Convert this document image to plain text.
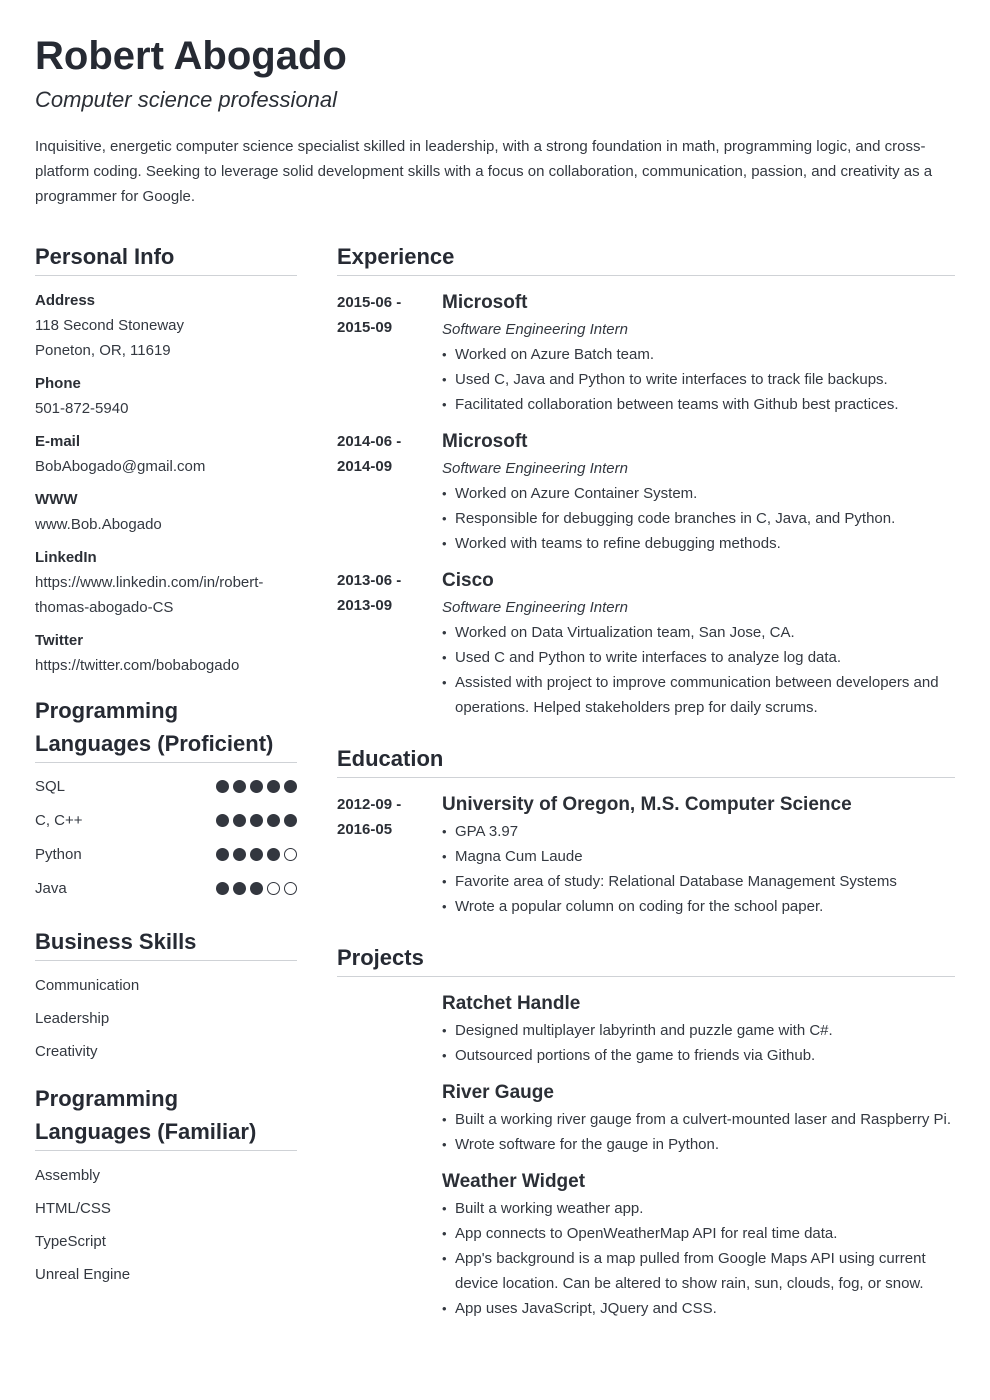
Robert Abogado
Computer science professional
Inquisitive, energetic computer science specialist skilled in leadership, with a strong foundation in math, programming logic, and cross-platform coding. Seeking to leverage solid development skills with a focus on collaboration, communication, passion, and creativity as a programmer for Google.
Personal Info
Address
118 Second Stoneway
Poneton, OR, 11619
Phone
501-872-5940
E-mail
BobAbogado@gmail.com
WWW
www.Bob.Abogado
LinkedIn
https://www.linkedin.com/in/robert-
thomas-abogado-CS
Twitter
https://twitter.com/bobabogado
Programming
Languages (Proficient)
SQL
C, C++
Python
Java
Business Skills
Communication
Leadership
Creativity
Programming
Languages (Familiar)
Assembly
HTML/CSS
TypeScript
Unreal Engine
Experience
2015-06 -
2015-09
Microsoft
Software Engineering Intern
• Worked on Azure Batch team.
• Used C, Java and Python to write interfaces to track file backups.
• Facilitated collaboration between teams with Github best practices.
2014-06 -
2014-09
Microsoft
Software Engineering Intern
• Worked on Azure Container System.
• Responsible for debugging code branches in C, Java, and Python.
• Worked with teams to refine debugging methods.
2013-06 -
2013-09
Cisco
Software Engineering Intern
• Worked on Data Virtualization team, San Jose, CA.
• Used C and Python to write interfaces to analyze log data.
• Assisted with project to improve communication between developers and operations. Helped stakeholders prep for daily scrums.
Education
2012-09 -
2016-05
University of Oregon, M.S. Computer Science
• GPA 3.97
• Magna Cum Laude
• Favorite area of study: Relational Database Management Systems
• Wrote a popular column on coding for the school paper.
Projects
Ratchet Handle
• Designed multiplayer labyrinth and puzzle game with C#.
• Outsourced portions of the game to friends via Github.
River Gauge
• Built a working river gauge from a culvert-mounted laser and Raspberry Pi.
• Wrote software for the gauge in Python.
Weather Widget
• Built a working weather app.
• App connects to OpenWeatherMap API for real time data.
• App's background is a map pulled from Google Maps API using current device location. Can be altered to show rain, sun, clouds, fog, or snow.
• App uses JavaScript, JQuery and CSS.
